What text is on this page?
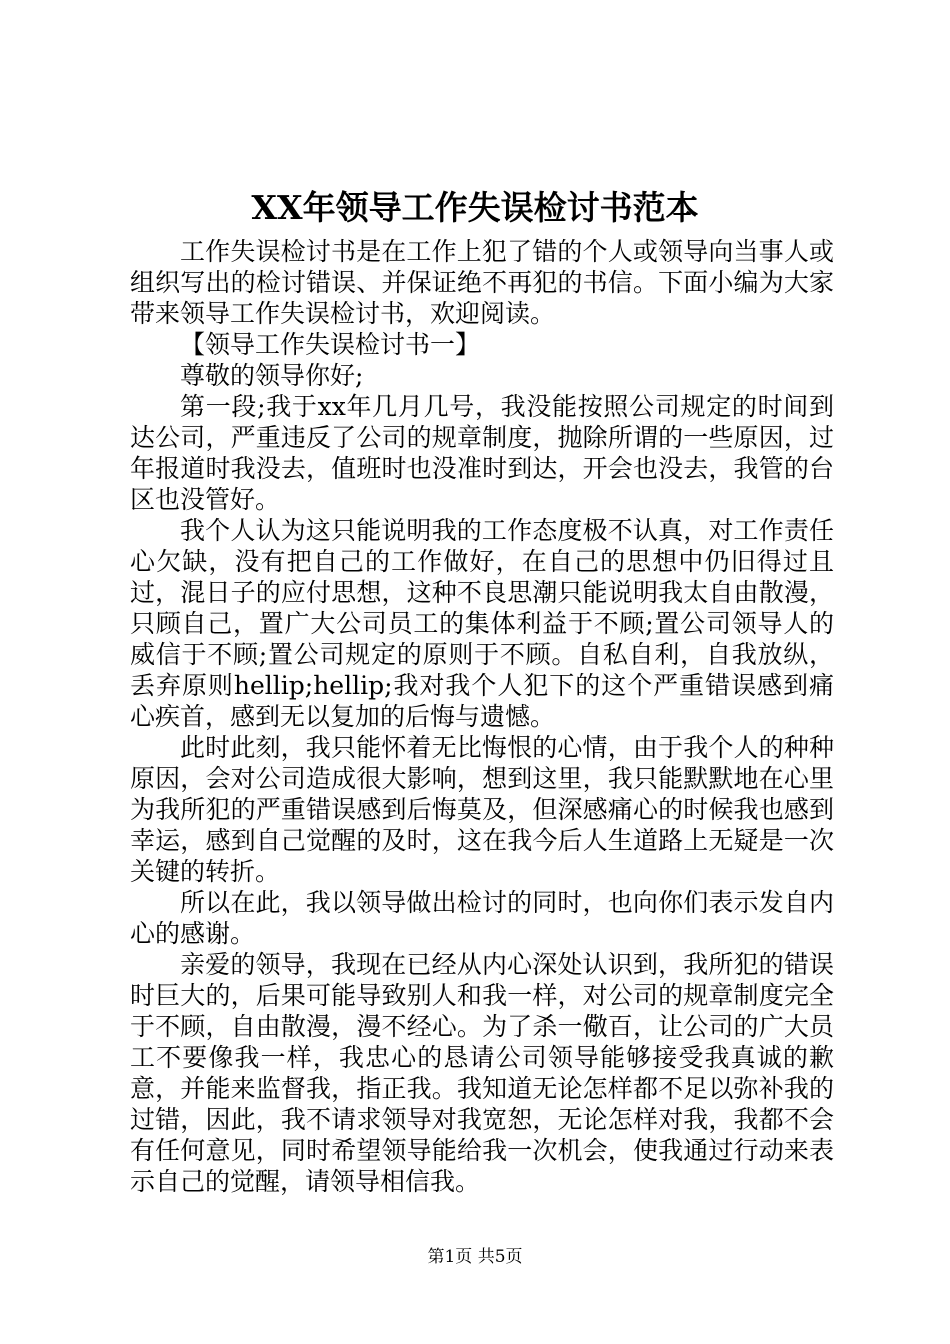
XX年领导工作失误检讨书范本

工作失误检讨书是在工作上犯了错的个人或领导向当事人或组织写出的检讨错误、并保证绝不再犯的书信。下面小编为大家带来领导工作失误检讨书，欢迎阅读。

【领导工作失误检讨书一】

尊敬的领导你好;

第一段;我于xx年几月几号，我没能按照公司规定的时间到达公司，严重违反了公司的规章制度，抛除所谓的一些原因，过年报道时我没去，值班时也没准时到达，开会也没去，我管的台区也没管好。

我个人认为这只能说明我的工作态度极不认真，对工作责任心欠缺，没有把自己的工作做好，在自己的思想中仍旧得过且过，混日子的应付思想，这种不良思潮只能说明我太自由散漫，只顾自己，置广大公司员工的集体利益于不顾;置公司领导人的威信于不顾;置公司规定的原则于不顾。自私自利，自我放纵，丢弃原则hellip;hellip;我对我个人犯下的这个严重错误感到痛心疾首，感到无以复加的后悔与遗憾。

此时此刻，我只能怀着无比悔恨的心情，由于我个人的种种原因，会对公司造成很大影响，想到这里，我只能默默地在心里为我所犯的严重错误感到后悔莫及，但深感痛心的时候我也感到幸运，感到自己觉醒的及时，这在我今后人生道路上无疑是一次关键的转折。

所以在此，我以领导做出检讨的同时，也向你们表示发自内心的感谢。

亲爱的领导，我现在已经从内心深处认识到，我所犯的错误时巨大的，后果可能导致别人和我一样，对公司的规章制度完全于不顾，自由散漫，漫不经心。为了杀一儆百，让公司的广大员工不要像我一样，我忠心的恳请公司领导能够接受我真诚的歉意，并能来监督我，指正我。我知道无论怎样都不足以弥补我的过错，因此，我不请求领导对我宽恕，无论怎样对我，我都不会有任何意见，同时希望领导能给我一次机会，使我通过行动来表示自己的觉醒，请领导相信我。

第1页 共5页
